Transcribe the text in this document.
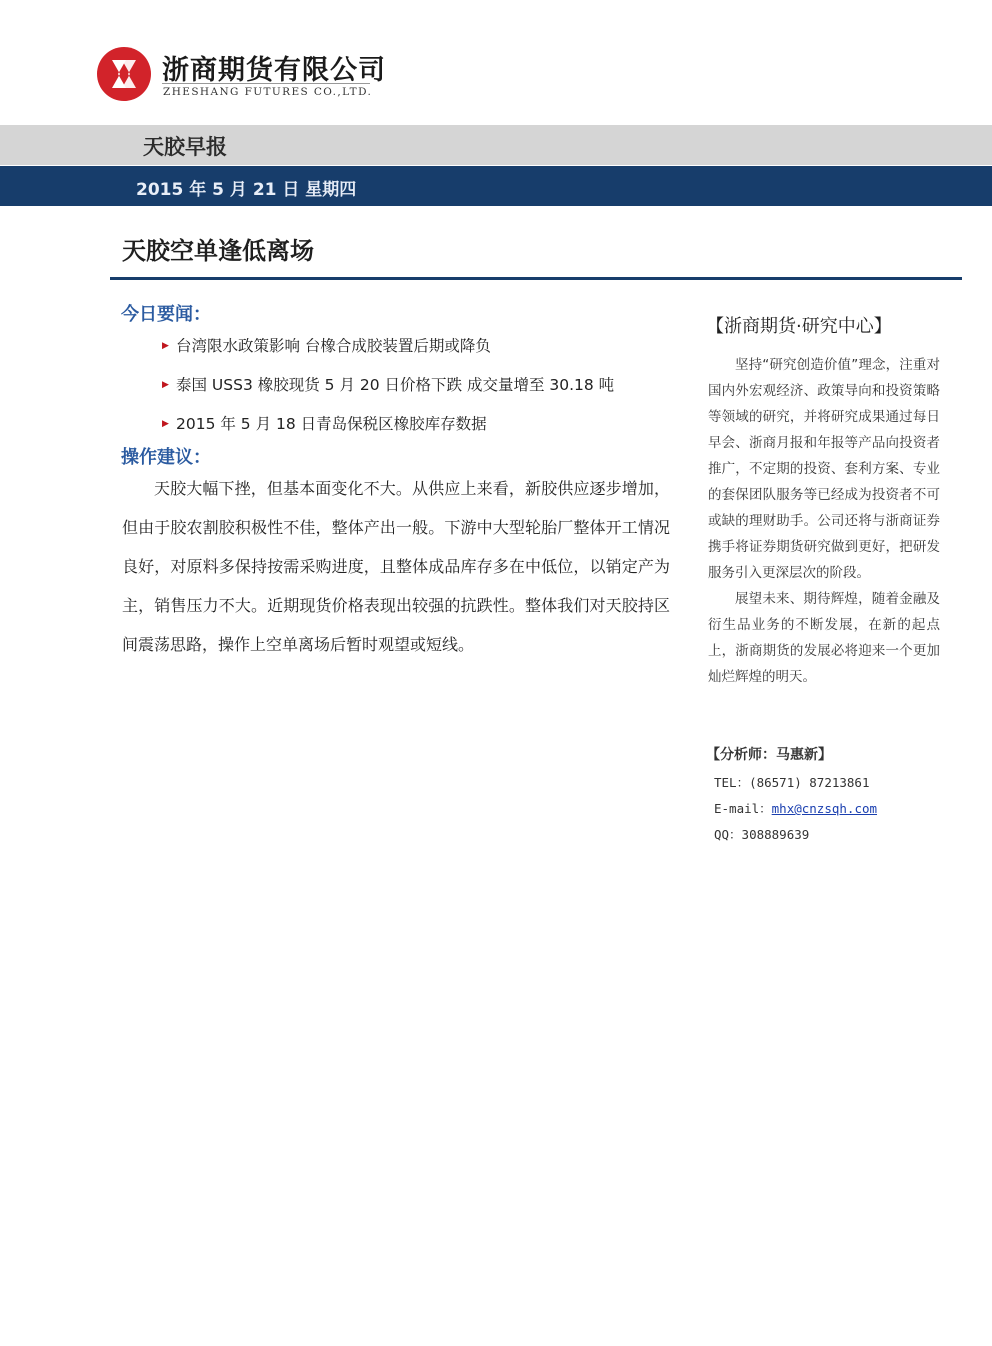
浙商期货有限公司
ZHESHANG FUTURES CO.,LTD.
天胶早报
2015 年 5 月 21 日 星期四
天胶空单逢低离场
今日要闻：
▶ 台湾限水政策影响 台橡合成胶装置后期或降负
▶ 泰国 USS3 橡胶现货 5 月 20 日价格下跌 成交量增至 30.18 吨
▶ 2015 年 5 月 18 日青岛保税区橡胶库存数据
操作建议：
天胶大幅下挫，但基本面变化不大。从供应上来看，新胶供应逐步增加，但由于胶农割胶积极性不佳，整体产出一般。下游中大型轮胎厂整体开工情况良好，对原料多保持按需采购进度，且整体成品库存多在中低位，以销定产为主，销售压力不大。近期现货价格表现出较强的抗跌性。整体我们对天胶持区间震荡思路，操作上空单离场后暂时观望或短线。
【浙商期货·研究中心】

坚持“研究创造价值”理念，注重对国内外宏观经济、政策导向和投资策略等领域的研究，并将研究成果通过每日早会、浙商月报和年报等产品向投资者推广，不定期的投资、套利方案、专业的套保团队服务等已经成为投资者不可或缺的理财助手。公司还将与浙商证券携手将证券期货研究做到更好，把研发服务引入更深层次的阶段。

展望未来、期待辉煌，随着金融及衍生品业务的不断发展，在新的起点上，浙商期货的发展必将迎来一个更加灿烂辉煌的明天。

【分析师：马惠新】
TEL：(86571) 87213861
E-mail：mhx@cnzsqh.com
QQ：308889639
